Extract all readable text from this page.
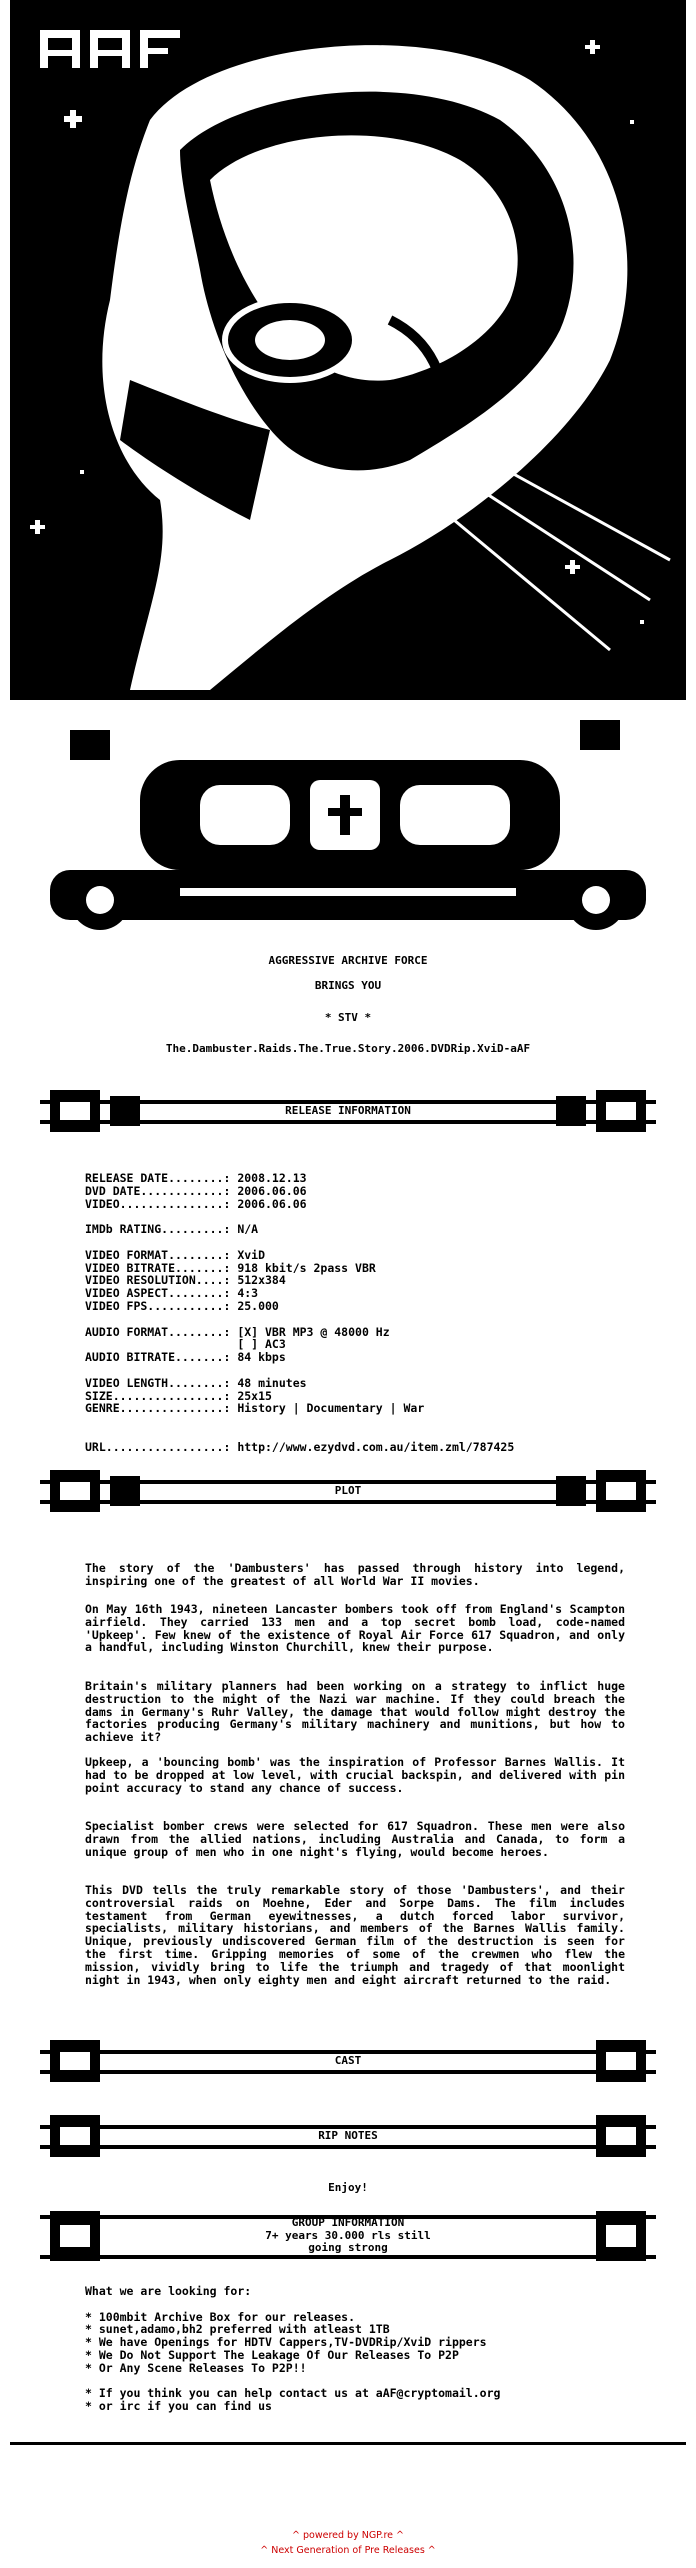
AGGRESSIVE ARCHIVE FORCE
BRINGS YOU
* STV *
The.Dambuster.Raids.The.True.Story.2006.DVDRip.XviD-aAF
RELEASE INFORMATION
RELEASE DATE........: 2008.12.13
DVD DATE............: 2006.06.06
VIDEO...............: 2006.06.06

IMDb RATING.........: N/A

VIDEO FORMAT........: XviD
VIDEO BITRATE.......: 918 kbit/s 2pass VBR
VIDEO RESOLUTION....: 512x384
VIDEO ASPECT........: 4:3
VIDEO FPS...........: 25.000

AUDIO FORMAT........: [X] VBR MP3 @ 48000 Hz
[ ] AC3
AUDIO BITRATE.......: 84 kbps

VIDEO LENGTH........: 48 minutes
SIZE................: 25x15
GENRE...............: History | Documentary | War

URL.................: http://www.ezydvd.com.au/item.zml/787425
PLOT
The story of the 'Dambusters' has passed through history into legend, inspiring one of the greatest of all World War II movies.
On May 16th 1943, nineteen Lancaster bombers took off from England's Scampton airfield. They carried 133 men and a top secret bomb load, code-named 'Upkeep'. Few knew of the existence of Royal Air Force 617 Squadron, and only a handful, including Winston Churchill, knew their purpose.
Britain's military planners had been working on a strategy to inflict huge destruction to the might of the Nazi war machine. If they could breach the dams in Germany's Ruhr Valley, the damage that would follow might destroy the factories producing Germany's military machinery and munitions, but how to achieve it?
Upkeep, a 'bouncing bomb' was the inspiration of Professor Barnes Wallis. It had to be dropped at low level, with crucial backspin, and delivered with pin point accuracy to stand any chance of success.
Specialist bomber crews were selected for 617 Squadron. These men were also drawn from the allied nations, including Australia and Canada, to form a unique group of men who in one night's flying, would become heroes.
This DVD tells the truly remarkable story of those 'Dambusters', and their controversial raids on Moehne, Eder and Sorpe Dams. The film includes testament from German eyewitnesses, a dutch forced labor survivor, specialists, military historians, and members of the Barnes Wallis family. Unique, previously undiscovered German film of the destruction is seen for the first time. Gripping memories of some of the crewmen who flew the mission, vividly bring to life the triumph and tragedy of that moonlight night in 1943, when only eighty men and eight aircraft returned to the raid.
CAST
RIP NOTES
Enjoy!
GROUP INFORMATION
7+ years 30.000 rls still
going strong
What we are looking for:

* 100mbit Archive Box for our releases.
* sunet,adamo,bh2 preferred with atleast 1TB
* We have Openings for HDTV Cappers,TV-DVDRip/XviD rippers
* We Do Not Support The Leakage Of Our Releases To P2P
* Or Any Scene Releases To P2P!!

* If you think you can help contact us at aAF@cryptomail.org
* or irc if you can find us
^ powered by NGP.re ^
^ Next Generation of Pre Releases ^
